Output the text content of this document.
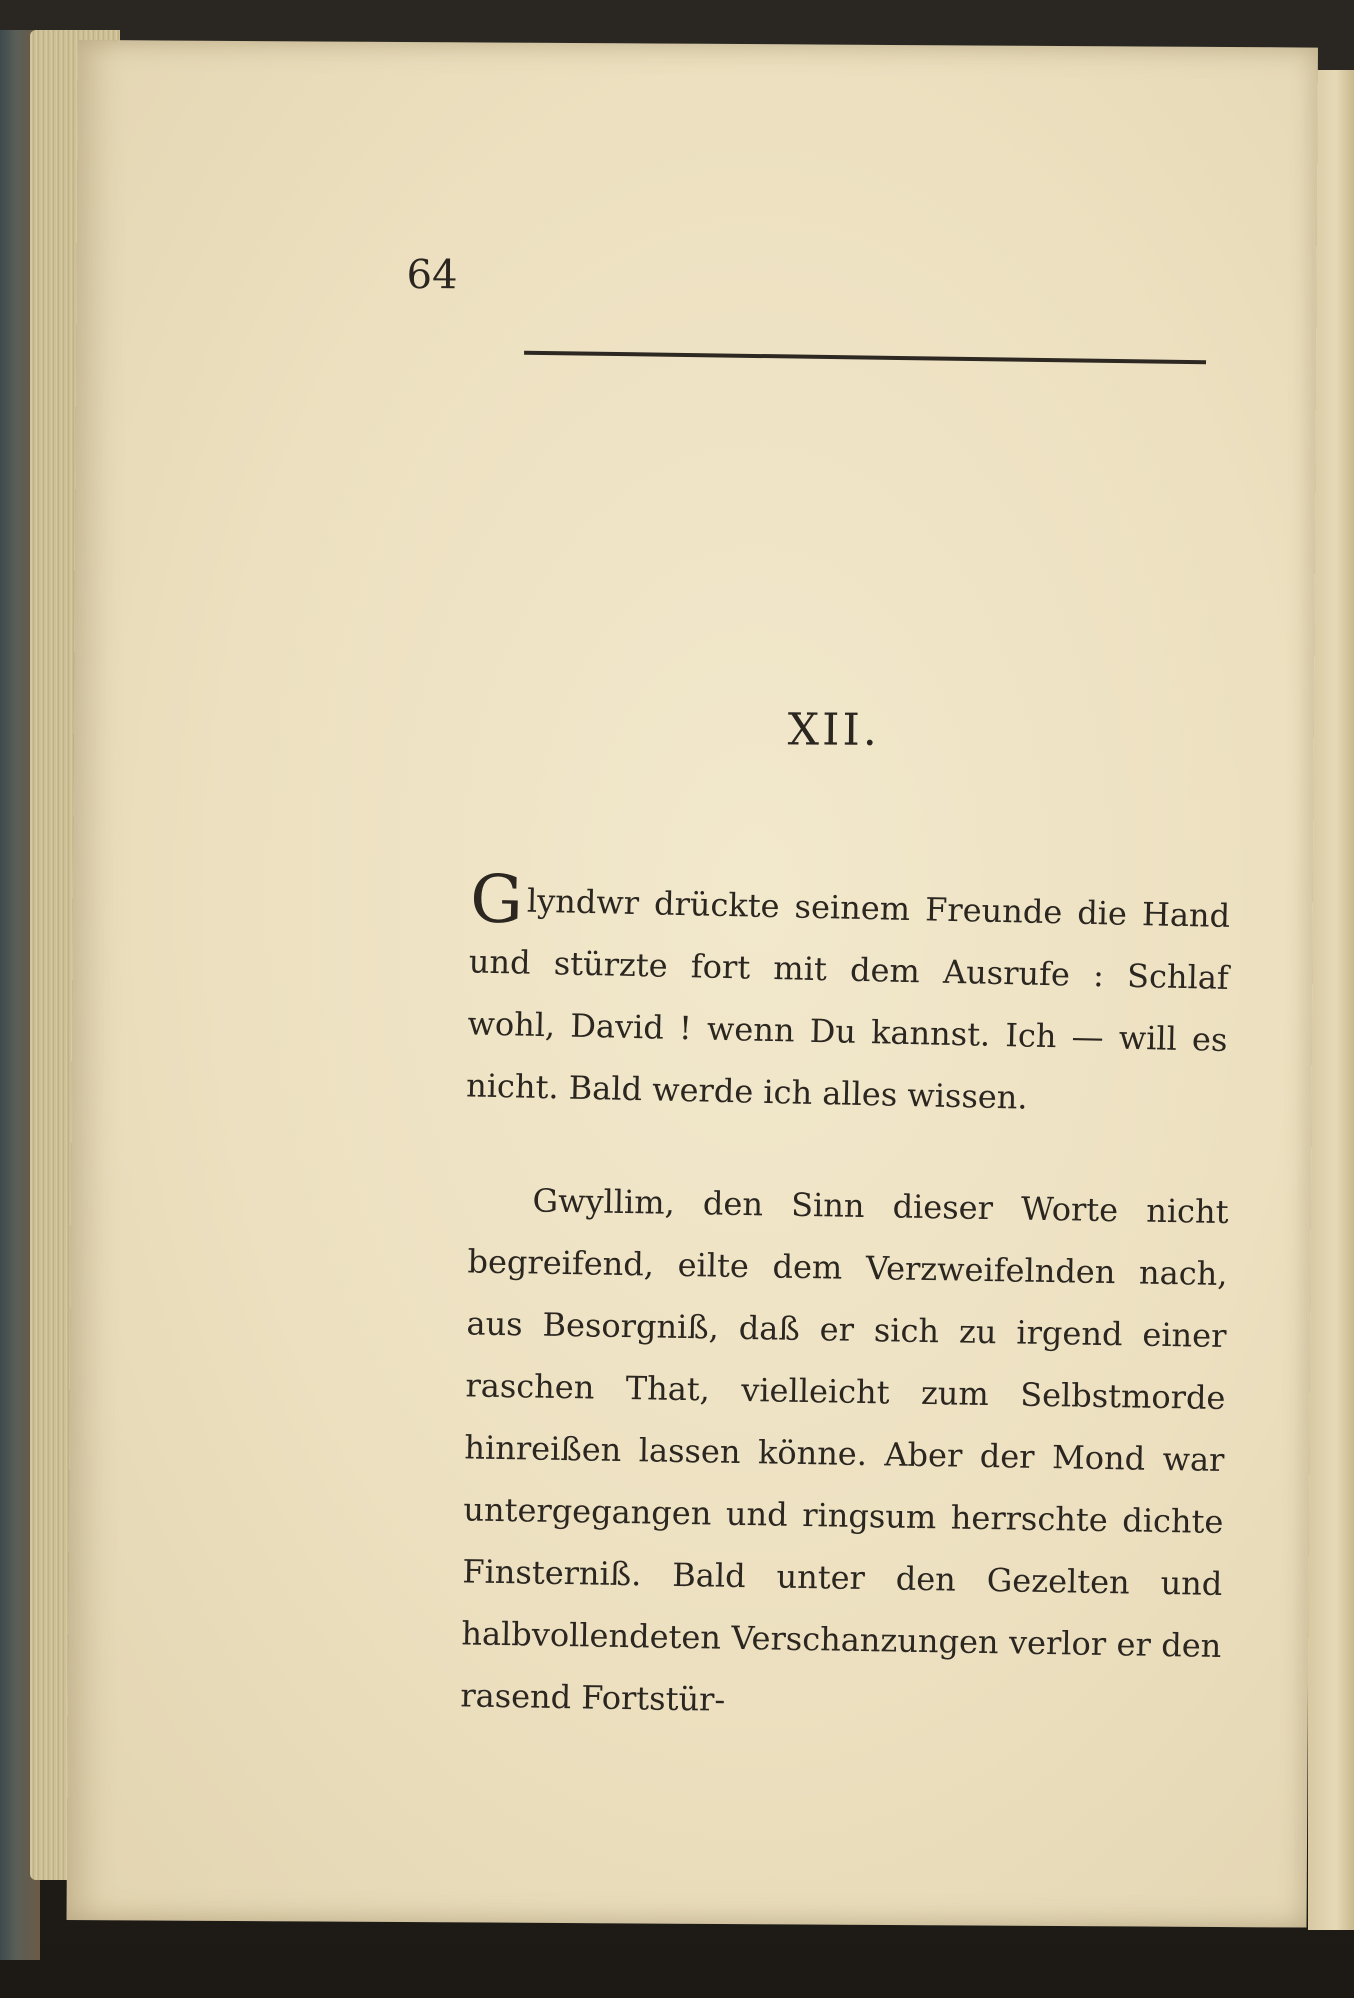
64

XII.

Glyndwr drückte seinem Freunde die Hand und stürzte fort mit dem Ausrufe : Schlaf wohl, David ! wenn Du kannst. Ich — will es nicht. Bald werde ich alles wissen.

Gwyllim, den Sinn dieser Worte nicht begreifend, eilte dem Verzweifelnden nach, aus Besorgniß, daß er sich zu irgend einer raschen That, vielleicht zum Selbstmorde hinreißen lassen könne. Aber der Mond war untergegangen und ringsum herrschte dichte Finsterniß. Bald unter den Gezelten und halbvollendeten Verschanzungen verlor er den rasend Fortstür-
